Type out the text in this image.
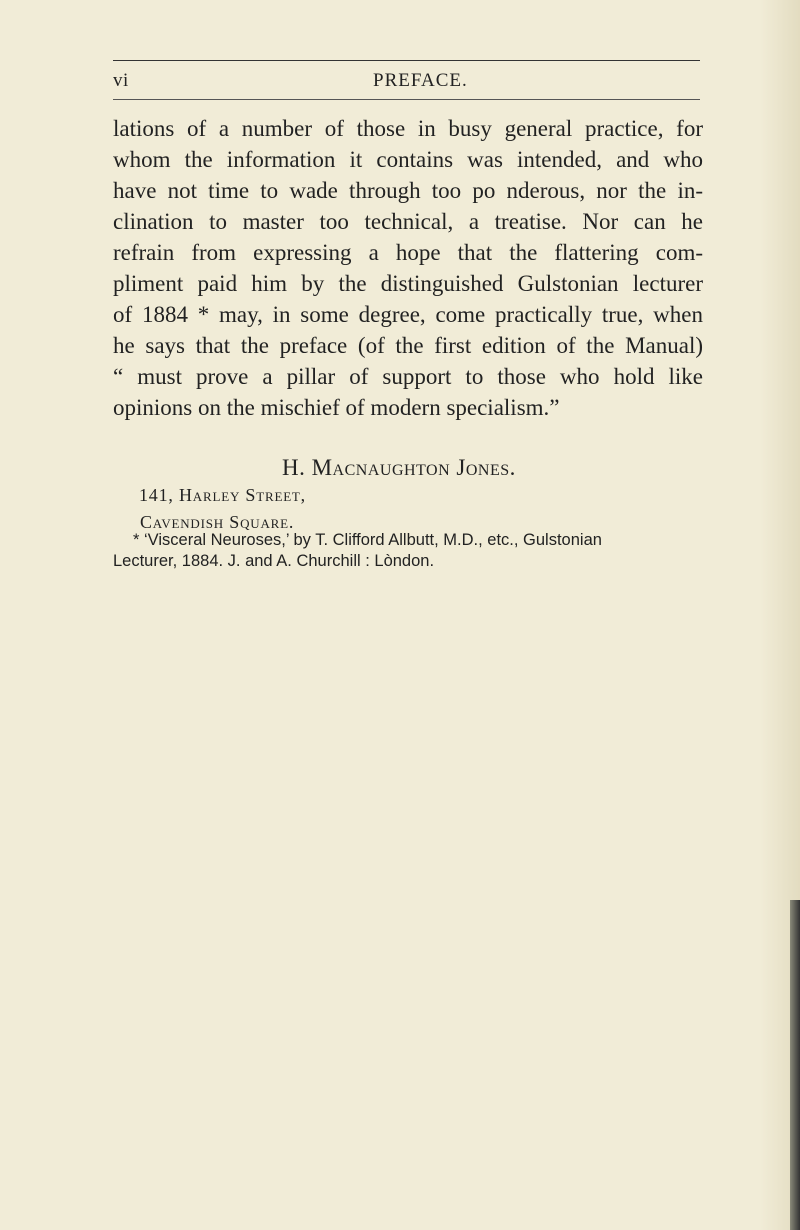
vi	PREFACE.
lations of a number of those in busy general practice, for
whom the information it contains was intended, and who
have not time to wade through too po nderous, nor the in-
clination to master too technical, a treatise. Nor can he
refrain from expressing a hope that the flattering com-
pliment paid him by the distinguished Gulstonian lecturer
of 1884 * may, in some degree, come practically true, when
he says that the preface (of the first edition of the Manual)
“ must prove a pillar of support to those who hold like
opinions on the mischief of modern specialism.”
H. Macnaughton Jones.
141, Harley Street,
Cavendish Square.
* ‘Visceral Neuroses,’ by T. Clifford Allbutt, M.D., etc., Gulstonian
Lecturer, 1884. J. and A. Churchill : Lòndon.
